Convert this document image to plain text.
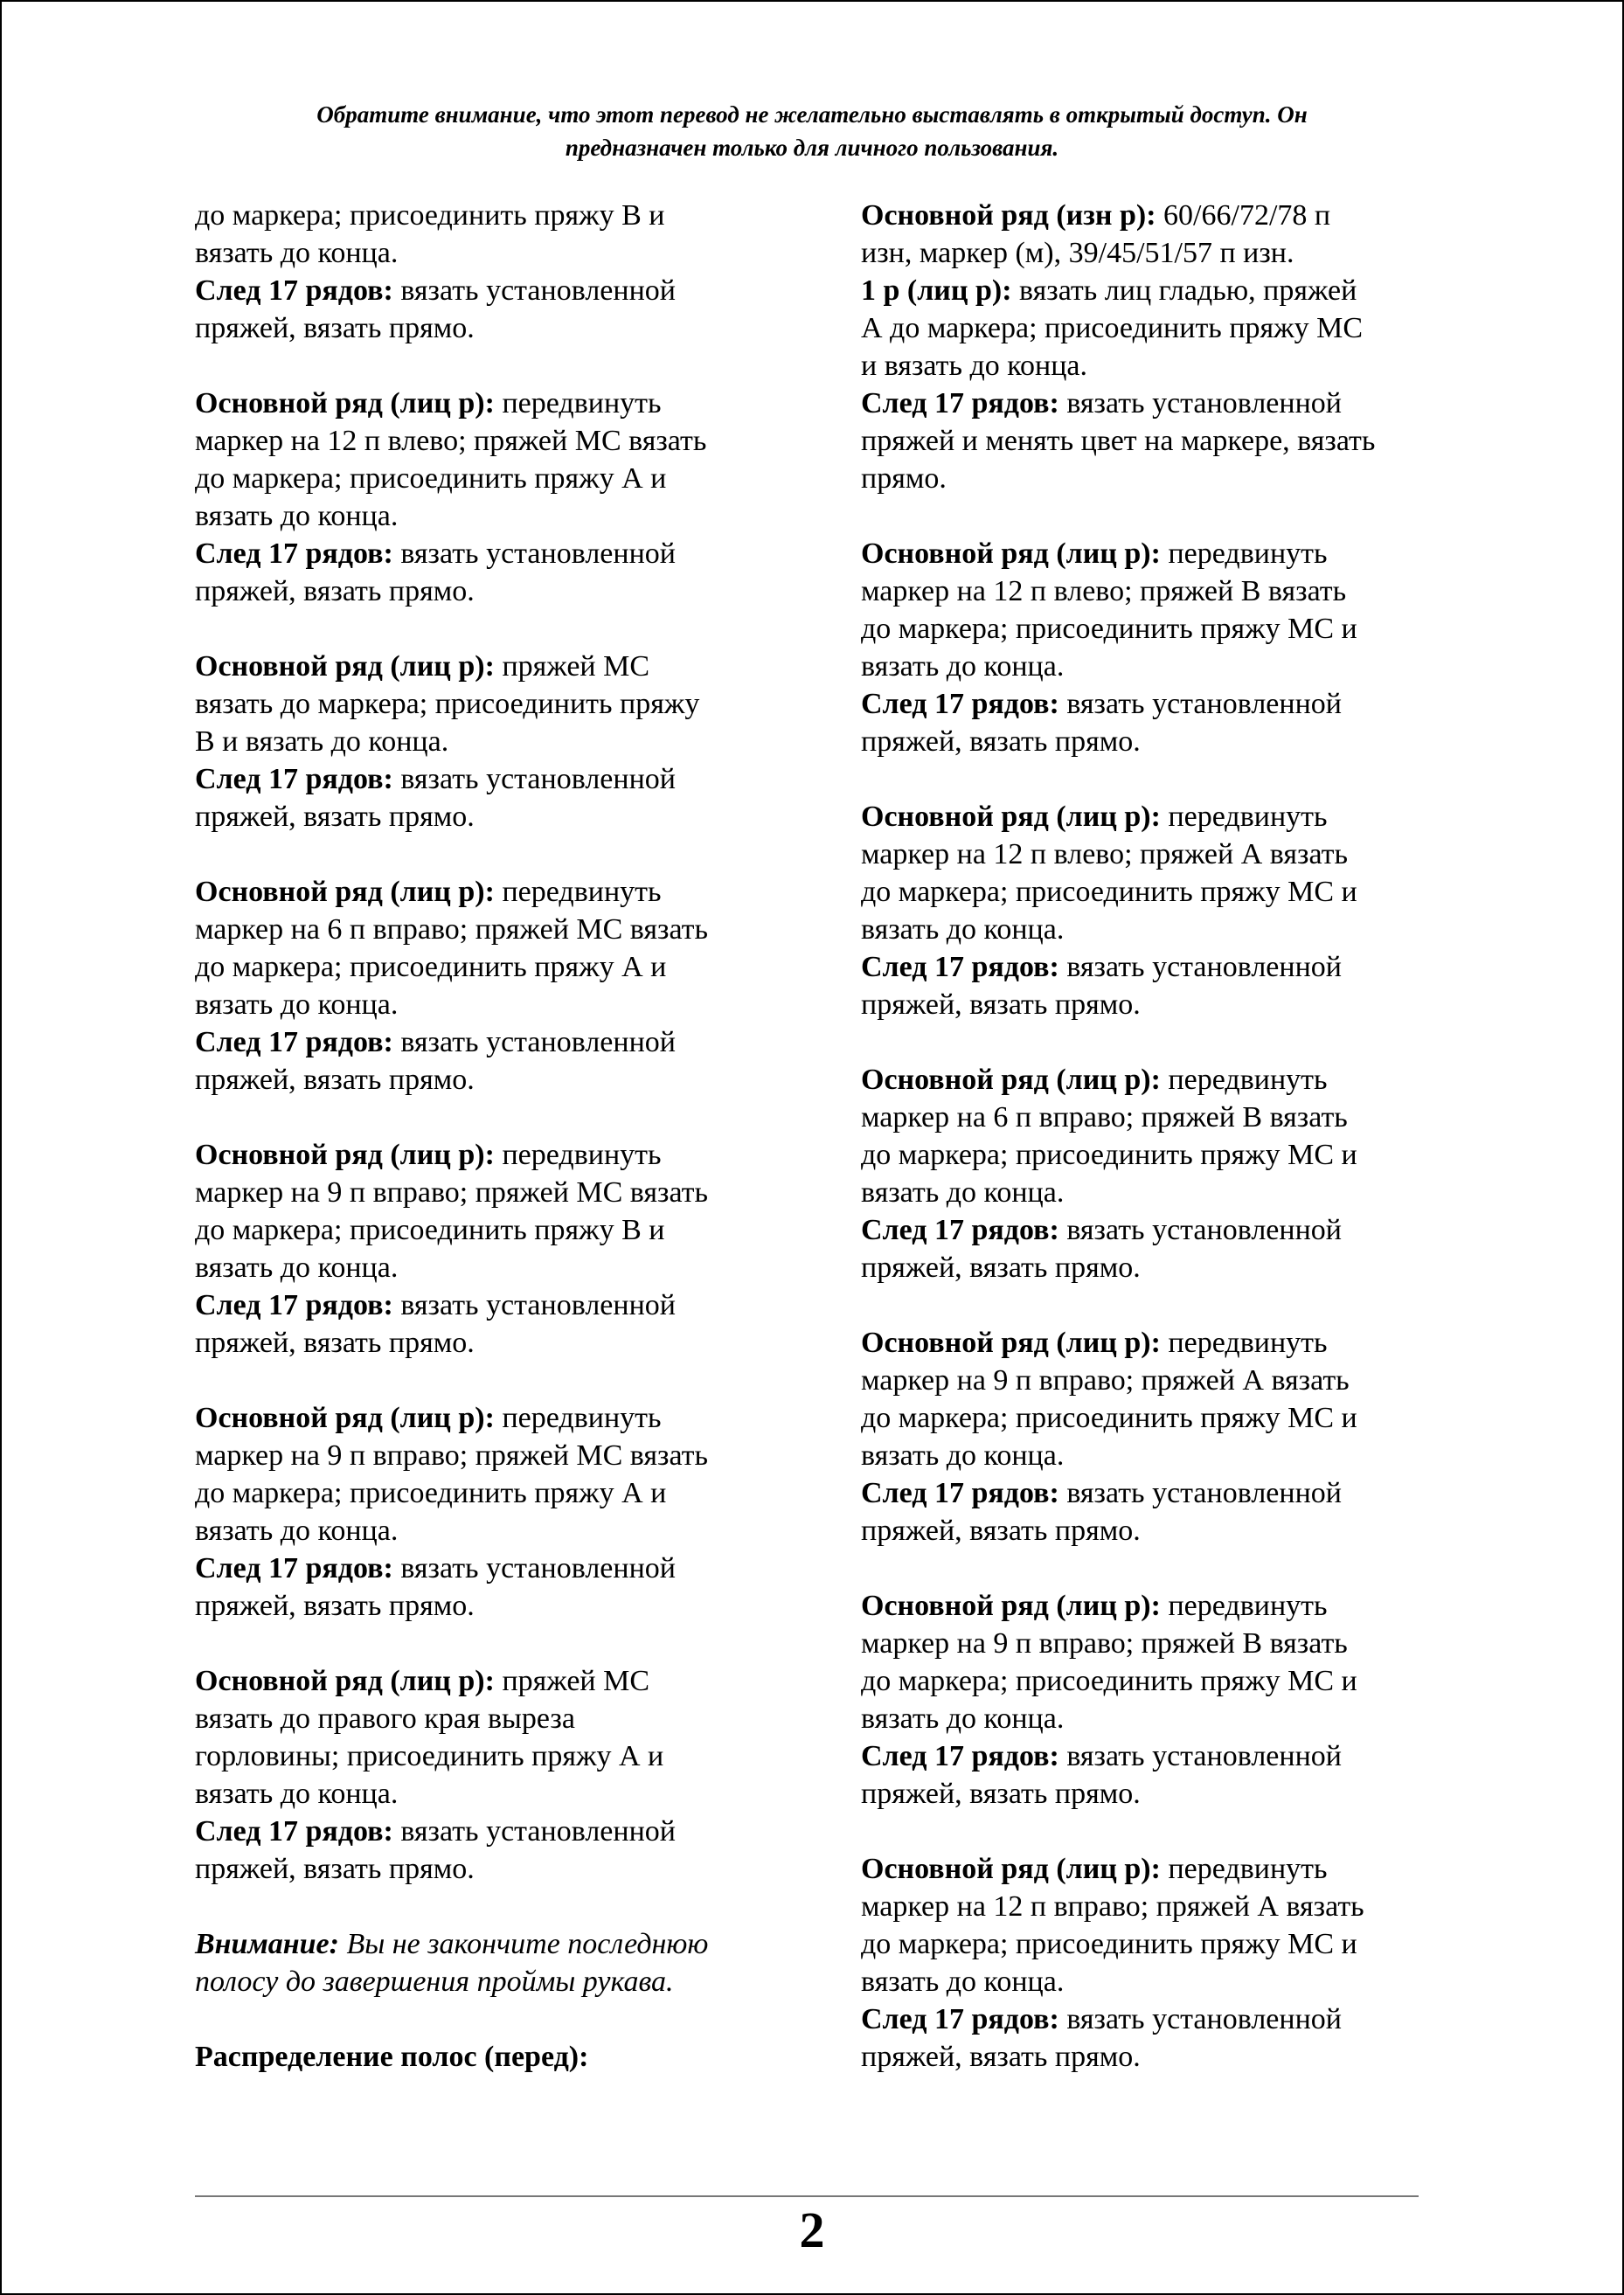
Обратите внимание, что этот перевод не желательно выставлять в открытый доступ. Он
предназначен только для личного пользования.
до маркера; присоединить пряжу В и
вязать до конца.
След 17 рядов: вязать установленной
пряжей, вязать прямо.
Основной ряд (лиц р): передвинуть
маркер на 12 п влево; пряжей МС вязать
до маркера; присоединить пряжу А и
вязать до конца.
След 17 рядов: вязать установленной
пряжей, вязать прямо.
Основной ряд (лиц р): пряжей МС
вязать до маркера; присоединить пряжу
В и вязать до конца.
След 17 рядов: вязать установленной
пряжей, вязать прямо.
Основной ряд (лиц р): передвинуть
маркер на 6 п вправо; пряжей МС вязать
до маркера; присоединить пряжу А и
вязать до конца.
След 17 рядов: вязать установленной
пряжей, вязать прямо.
Основной ряд (лиц р): передвинуть
маркер на 9 п вправо; пряжей МС вязать
до маркера; присоединить пряжу В и
вязать до конца.
След 17 рядов: вязать установленной
пряжей, вязать прямо.
Основной ряд (лиц р): передвинуть
маркер на 9 п вправо; пряжей МС вязать
до маркера; присоединить пряжу А и
вязать до конца.
След 17 рядов: вязать установленной
пряжей, вязать прямо.
Основной ряд (лиц р): пряжей МС
вязать до правого края выреза
горловины; присоединить пряжу А и
вязать до конца.
След 17 рядов: вязать установленной
пряжей, вязать прямо.
Внимание: Вы не закончите последнюю
полосу до завершения проймы рукава.
Распределение полос (перед):
Основной ряд (изн р): 60/66/72/78 п
изн, маркер (м), 39/45/51/57 п изн.
1 р (лиц р): вязать лиц гладью, пряжей
А до маркера; присоединить пряжу МС
и вязать до конца.
След 17 рядов: вязать установленной
пряжей и менять цвет на маркере, вязать
прямо.
Основной ряд (лиц р): передвинуть
маркер на 12 п влево; пряжей В вязать
до маркера; присоединить пряжу МС и
вязать до конца.
След 17 рядов: вязать установленной
пряжей, вязать прямо.
Основной ряд (лиц р): передвинуть
маркер на 12 п влево; пряжей А вязать
до маркера; присоединить пряжу МС и
вязать до конца.
След 17 рядов: вязать установленной
пряжей, вязать прямо.
Основной ряд (лиц р): передвинуть
маркер на 6 п вправо; пряжей В вязать
до маркера; присоединить пряжу МС и
вязать до конца.
След 17 рядов: вязать установленной
пряжей, вязать прямо.
Основной ряд (лиц р): передвинуть
маркер на 9 п вправо; пряжей А вязать
до маркера; присоединить пряжу МС и
вязать до конца.
След 17 рядов: вязать установленной
пряжей, вязать прямо.
Основной ряд (лиц р): передвинуть
маркер на 9 п вправо; пряжей В вязать
до маркера; присоединить пряжу МС и
вязать до конца.
След 17 рядов: вязать установленной
пряжей, вязать прямо.
Основной ряд (лиц р): передвинуть
маркер на 12 п вправо; пряжей А вязать
до маркера; присоединить пряжу МС и
вязать до конца.
След 17 рядов: вязать установленной
пряжей, вязать прямо.
2
